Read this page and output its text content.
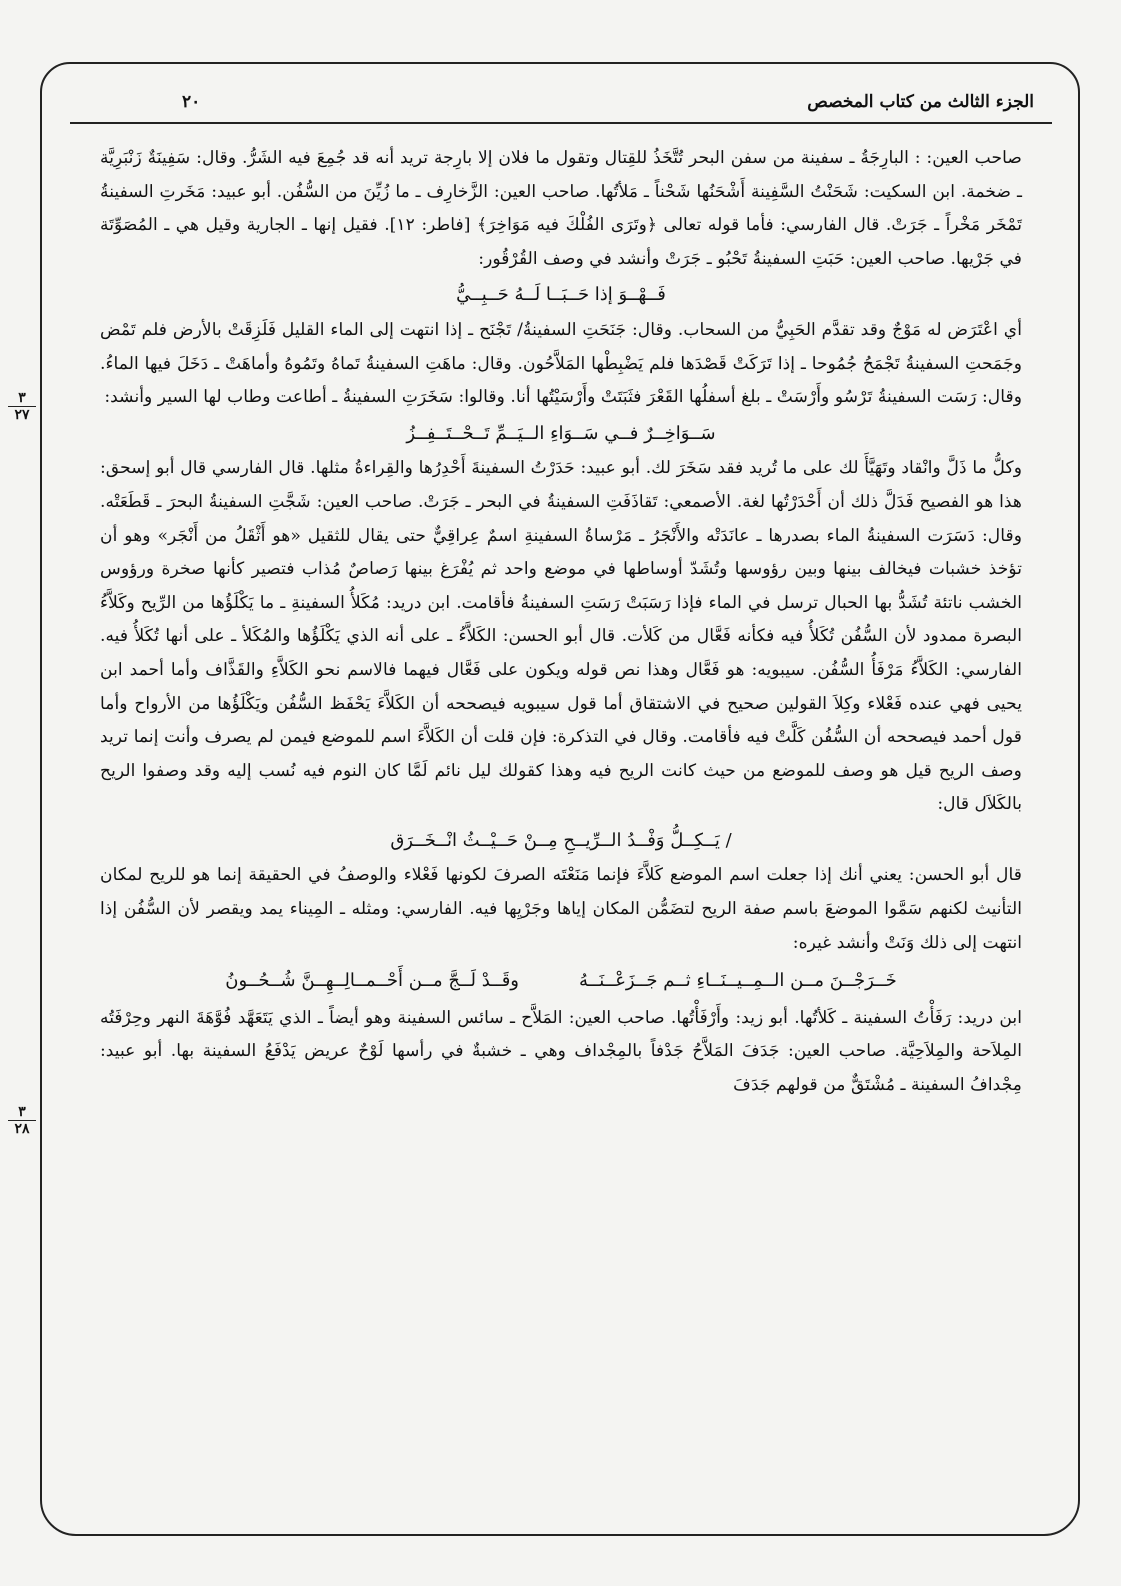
الجزء الثالث من كتاب المخصص
٢٠

صاحب العين: : البارِجَةُ ـ سفينة من سفن البحر تُتَّخَذُ للقِتال وتقول ما فلان إلا بارِجة تريد أنه قد جُمِعَ فيه الشَرُّ. وقال: سَفِينَةٌ زَنْبَرِيَّة ـ ضخمة. ابن السكيت: شَحَنْتُ السَّفِينة أَشْحَنُها شَحْناً ـ مَلأتُها. صاحب العين: الزَّخارِف ـ ما زُيِّنَ من السُّفُن. أبو عبيد: مَخَرتِ السفينةُ تَمْخَر مَخْراً ـ جَرَتْ. قال الفارسي: فأما قوله تعالى ﴿وتَرَى الفُلْكَ فيه مَوَاخِرَ﴾ [فاطر: ١٢]. فقيل إنها ـ الجارية وقيل هي ـ المُصَوِّتَة في جَرْيها. صاحب العين: حَبَتِ السفينةُ تَحْبُو ـ جَرَتْ وأنشد في وصف القُرْقُور:

فَــهْــوَ إذا حَــبَــا لَــهُ حَــبِــيُّ

أي اعْتَرَض له مَوْجٌ وقد تقدَّم الحَبِيُّ من السحاب. وقال: جَنَحَتِ السفينةُ/ تَجْنَح ـ إذا انتهت إلى الماء القليل فَلَزِقَتْ بالأرض فلم تَمْض وجَمَحتِ السفينةُ تَجْمَحُ جُمُوحا ـ إذا تَرَكَتْ قَصْدَها فلم يَضْبِطْها المَلاَّحُون. وقال: ماهَتِ السفينةُ تَماهُ وتَمُوهُ وأماهَتْ ـ دَخَلَ فيها الماءُ. وقال: رَسَت السفينةُ تَرْسُو وأَرْسَتْ ـ بلغ أسفلُها القَعْرَ فثَبَتَتْ وأَرْسَيْتُها أنا. وقالوا: سَخَرَتِ السفينةُ ـ أطاعت وطاب لها السير وأنشد:

سَــوَاخِــرٌ فــي سَــوَاءِ الــيَــمِّ تَــحْــتَــفِــزُ

وكلُّ ما ذَلَّ وانْقاد وتَهَيَّأَ لك على ما تُريد فقد سَخَرَ لك. أبو عبيد: حَدَرْتُ السفينةَ أَحْدِرُها والقِراءةُ مثلها. قال الفارسي قال أبو إسحق: هذا هو الفصيح فَدَلَّ ذلك أن أَحْدَرْتُها لغة. الأصمعي: تَقاذَفَتِ السفينةُ في البحر ـ جَرَتْ. صاحب العين: شَجَّتِ السفينةُ البحرَ ـ قَطَعَتْه. وقال: دَسَرَت السفينةُ الماء بصدرها ـ عانَدَتْه والأَنْجَرُ ـ مَرْساةُ السفينةِ اسمٌ عِراقِيٌّ حتى يقال للثقيل «هو أَثْقَلُ من أَنْجَر» وهو أن تؤخذ خشبات فيخالف بينها وبين رؤوسها وتُشَدّ أوساطها في موضع واحد ثم يُفْرَغ بينها رَصاصٌ مُذاب فتصير كأنها صخرة ورؤوس الخشب ناتئة تُشَدُّ بها الحبال ترسل في الماء فإذا رَسَبَتْ رَسَتِ السفينةُ فأقامت. ابن دريد: مُكَلأُ السفينةِ ـ ما يَكْلَؤُها من الرِّيح وكَلاَّءُ البصرة ممدود لأن السُّفُن تُكَلأُ فيه فكأنه فَعَّال من كَلأت. قال أبو الحسن: الكَلاَّءُ ـ على أنه الذي يَكْلَؤُها والمُكَلأ ـ على أنها تُكَلأُ فيه. الفارسي: الكَلاَّءُ مَرْفَأُ السُّفُن. سيبويه: هو فَعَّال وهذا نص قوله ويكون على فَعَّال فيهما فالاسم نحو الكَلاَّءِ والقَذَّاف وأما أحمد ابن يحيى فهي عنده فَعْلاء وكِلاَ القولين صحيح في الاشتقاق أما قول سيبويه فيصححه أن الكَلاَّءَ يَحْفَظ السُّفُن ويَكْلَؤُها من الأرواح وأما قول أحمد فيصححه أن السُّفُن كَلَّتْ فيه فأقامت. وقال في التذكرة: فإن قلت أن الكَلاَّءَ اسم للموضع فيمن لم يصرف وأنت إنما تريد وصف الريح قيل هو وصف للموضع من حيث كانت الريح فيه وهذا كقولك ليل نائم لَمَّا كان النوم فيه نُسب إليه وقد وصفوا الريح بالكَلاَل قال:

/ يَــكِــلُّ وَفْــدُ الــرِّيــحِ مِــنْ حَــيْــثُ انْــخَــرَق

قال أبو الحسن: يعني أنك إذا جعلت اسم الموضع كَلاَّءَ فإنما مَنَعْتَه الصرفَ لكونها فَعْلاء والوصفُ في الحقيقة إنما هو للريح لمكان التأنيث لكنهم سَمَّوا الموضعَ باسم صفة الريح لتضَمُّن المكان إياها وجَرْيِها فيه. الفارسي: ومثله ـ المِيناء يمد ويقصر لأن السُّفُن إذا انتهت إلى ذلك وَنَتْ وأنشد غيره:

خَــرَجْــنَ مــن الــمِــيــنَــاءِ ثــم جَــزَعْــنَــهُ
وقَــدْ لَــجَّ مــن أَحْــمــالِــهِــنَّ شُــحُــونُ

ابن دريد: رَفَأْتُ السفينة ـ كَلأتُها. أبو زيد: وأَرْفَأْتُها. صاحب العين: المَلاَّح ـ سائس السفينة وهو أيضاً ـ الذي يَتَعَهَّد فُوَّهَةَ النهر وحِرْفَتُه المِلاَحة والمِلاَحِيَّة. صاحب العين: جَدَفَ المَلاَّحُ جَدْفاً بالمِجْداف وهي ـ خشبةٌ في رأسها لَوْحٌ عريض يَدْفَعُ السفينة بها. أبو عبيد: مِجْدافُ السفينة ـ مُشْتَقٌّ من قولهم جَدَفَ

٣
٢٧
٣
٢٨
